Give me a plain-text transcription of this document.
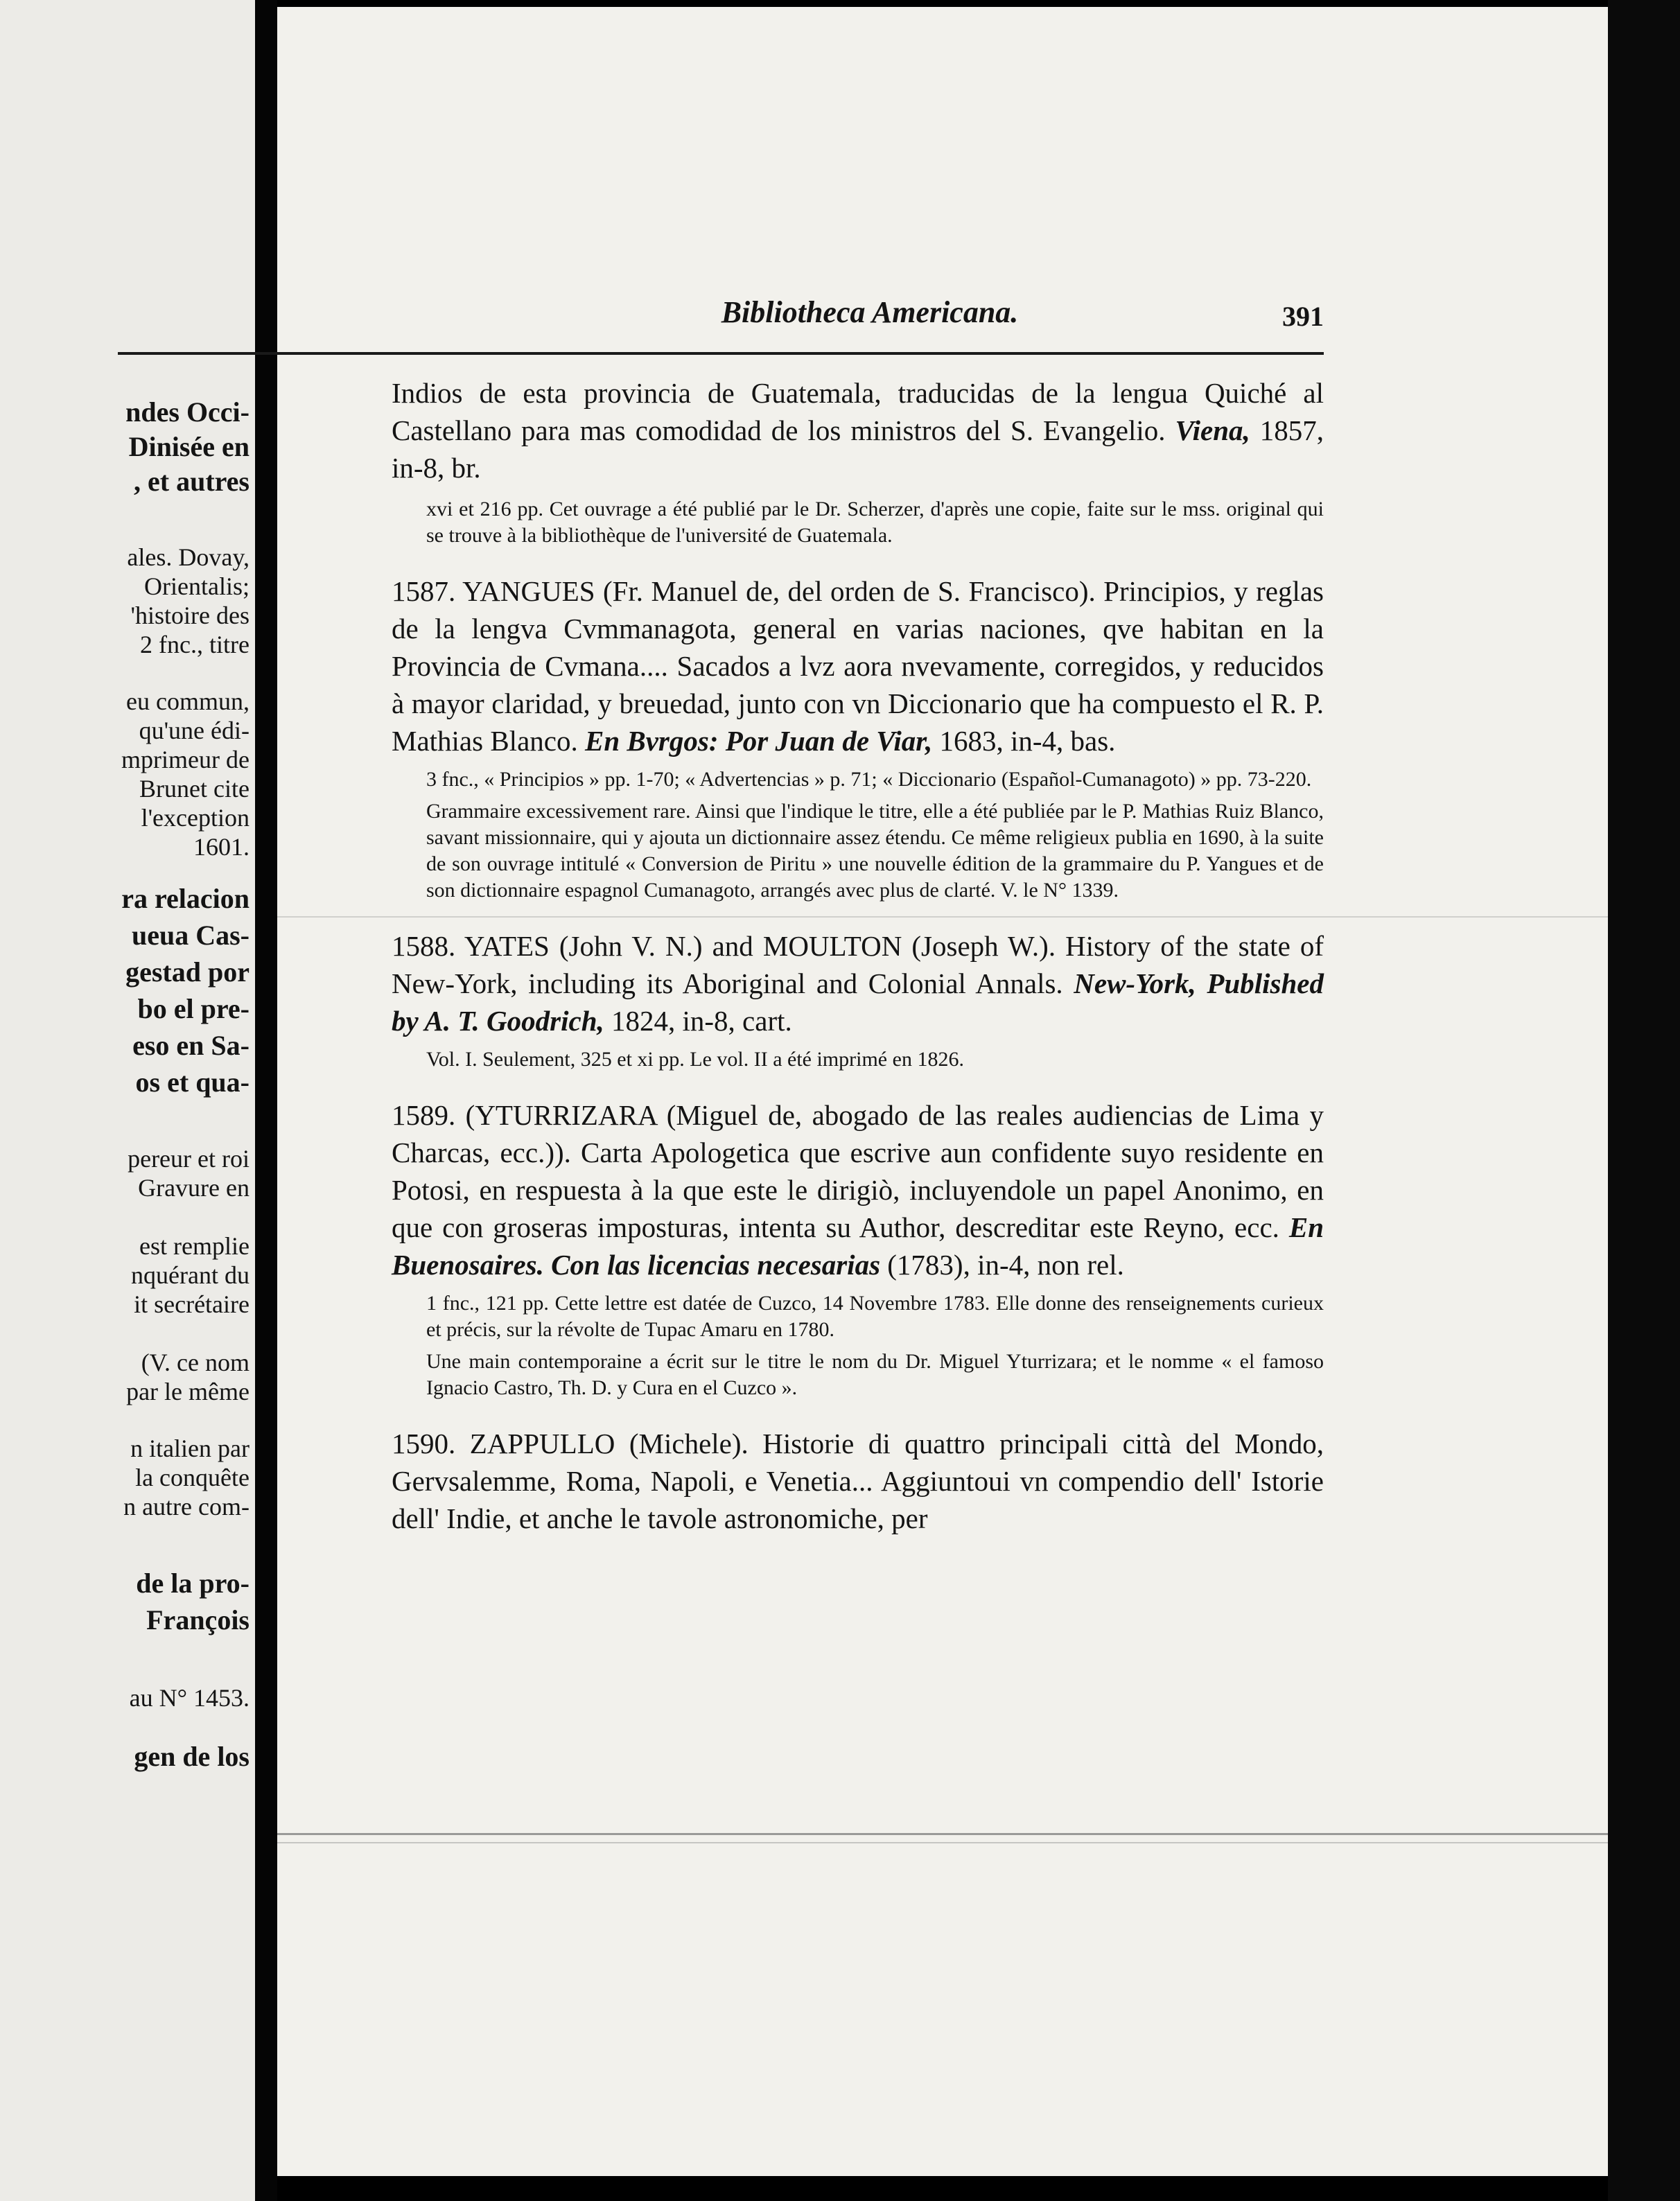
ndes Occi-
Dinisée en
, et autres
ales. Dovay,
Orientalis;
'histoire des
2 fnc., titre
eu commun,
qu'une édi-
mprimeur de
Brunet cite
l'exception
1601.
ra relacion
ueua Cas-
gestad por
bo el pre-
eso en Sa-
os et qua-
pereur et roi
Gravure en
est remplie
nquérant du
it secrétaire
(V. ce nom
par le même
n italien par
la conquête
n autre com-
de la pro-
François
au N° 1453.
gen de los
Bibliotheca Americana.	391

Indios de esta provincia de Guatemala, traducidas de la lengua Quiché al Castellano para mas comodidad de los ministros del S. Evangelio. Viena, 1857, in-8, br.

xvi et 216 pp. Cet ouvrage a été publié par le Dr. Scherzer, d'après une copie, faite sur le mss. original qui se trouve à la bibliothèque de l'université de Guatemala.

1587. YANGUES (Fr. Manuel de, del orden de S. Francisco). Principios, y reglas de la lengva Cvmmanagota, general en varias naciones, qve habitan en la Provincia de Cvmana.... Sacados a lvz aora nvevamente, corregidos, y reducidos à mayor claridad, y breuedad, junto con vn Diccionario que ha compuesto el R. P. Mathias Blanco. En Bvrgos: Por Juan de Viar, 1683, in-4, bas.

3 fnc., « Principios » pp. 1-70; « Advertencias » p. 71; « Diccionario (Español-Cumanagoto) » pp. 73-220.

Grammaire excessivement rare. Ainsi que l'indique le titre, elle a été publiée par le P. Mathias Ruiz Blanco, savant missionnaire, qui y ajouta un dictionnaire assez étendu. Ce même religieux publia en 1690, à la suite de son ouvrage intitulé « Conversion de Piritu » une nouvelle édition de la grammaire du P. Yangues et de son dictionnaire espagnol Cumanagoto, arrangés avec plus de clarté. V. le N° 1339.

1588. YATES (John V. N.) and MOULTON (Joseph W.). History of the state of New-York, including its Aboriginal and Colonial Annals. New-York, Published by A. T. Goodrich, 1824, in-8, cart.

Vol. I. Seulement, 325 et xi pp. Le vol. II a été imprimé en 1826.

1589. (YTURRIZARA (Miguel de, abogado de las reales audiencias de Lima y Charcas, ecc.)). Carta Apologetica que escrive aun confidente suyo residente en Potosi, en respuesta à la que este le dirigiò, incluyendole un papel Anonimo, en que con groseras imposturas, intenta su Author, descreditar este Reyno, ecc. En Buenosaires. Con las licencias necesarias (1783), in-4, non rel.

1 fnc., 121 pp. Cette lettre est datée de Cuzco, 14 Novembre 1783. Elle donne des renseignements curieux et précis, sur la révolte de Tupac Amaru en 1780.

Une main contemporaine a écrit sur le titre le nom du Dr. Miguel Yturrizara; et le nomme « el famoso Ignacio Castro, Th. D. y Cura en el Cuzco ».

1590. ZAPPULLO (Michele). Historie di quattro principali città del Mondo, Gervsalemme, Roma, Napoli, e Venetia... Aggiuntoui vn compendio dell' Istorie dell' Indie, et anche le tavole astronomiche, per
